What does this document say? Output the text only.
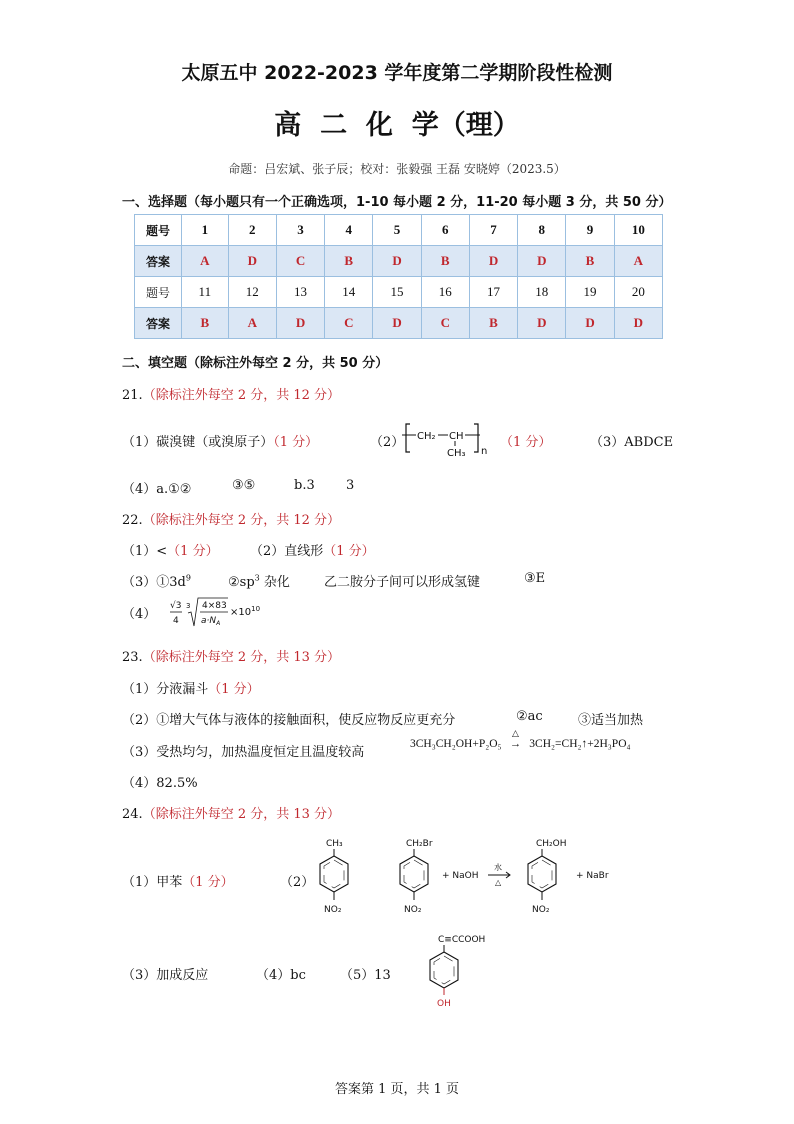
太原五中 2022-2023 学年度第二学期阶段性检测
高  二  化  学（理）
命题：吕宏斌、张子辰；校对：张毅强 王磊 安晓婷（2023.5）
一、选择题（每小题只有一个正确选项，1-10 每小题 2 分，11-20 每小题 3 分，共 50 分）
题号	1	2	3	4	5	6	7	8	9	10
答案	A	D	C	B	D	B	D	D	B	A
题号	11	12	13	14	15	16	17	18	19	20
答案	B	A	D	C	D	C	B	D	D	D
二、填空题（除标注外每空 2 分，共 50 分）
21.（除标注外每空 2 分，共 12 分）
（1）碳溴键（或溴原子）（1 分）	（2） CH₂ CH
CH₃ n
（1 分）	（3）ABDCE
（4）a.①②	③⑤	b.3 3
22.（除标注外每空 2 分，共 12 分）
（1）<（1 分） （2）直线形（1 分）
$(3)①3d^9$	$②sp^3$ 杂化	乙二胺分子间可以形成氢键	③E
（4）
√3
4
3 4×83
$a\cdot N_A$
$\times 10^{10}$
23.（除标注外每空 2 分，共 13 分）
（1）分液漏斗（1 分）
（2）①增大气体与液体的接触面积，使反应物反应更充分	②ac	③适当加热
（3）受热均匀，加热温度恒定且温度较高
3CH₃CH₂OH+P₂O₅
△
→ 3CH₂=CH₂↑+2H₃PO₄
（4）82.5%
24.（除标注外每空 2 分，共 13 分）
（1）甲苯（1 分）	（2）
CH₃
NO₂
CH₂Br
NO₂
+ NaOH
水
△
CH₂OH
NO₂
+ NaBr
（3）加成反应	（4）bc	（5）13
C≡CCOOH
OH
答案第 1 页，共 1 页
